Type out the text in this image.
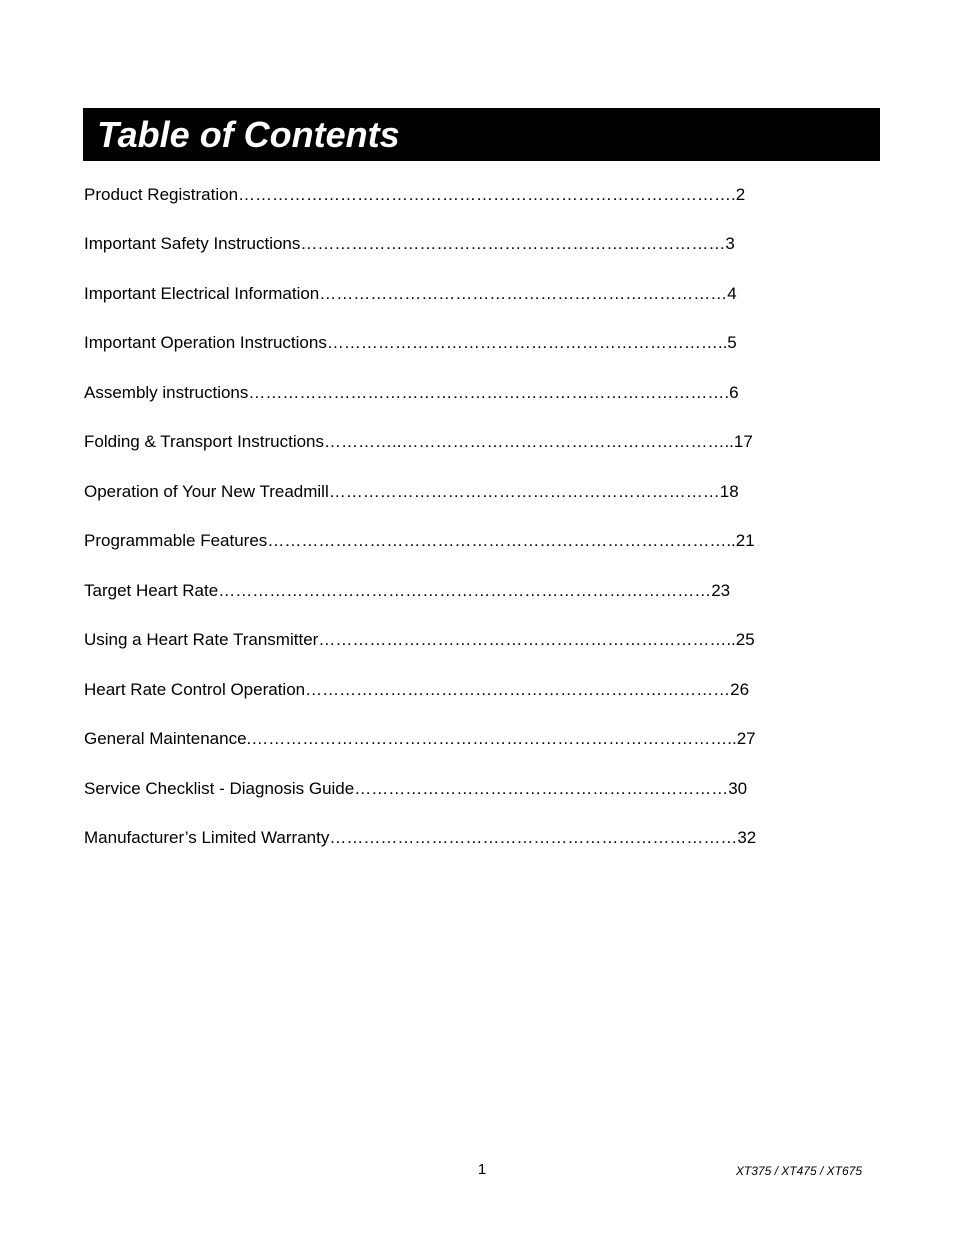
Table of Contents
Product Registration…………………………………………………………………………….2
Important Safety Instructions…………………………………………………………………3
Important Electrical Information………………………………………………………………4
Important Operation Instructions……………………………………………………………..5
Assembly instructions………………………………………………………………………….6
Folding & Transport Instructions…………..…………………………………………………..17
Operation of Your New Treadmill……………………………………………………………18
Programmable Features………………………………………………………………………..21
Target Heart Rate……………………………………………………………………………23
Using a Heart Rate Transmitter………………………………………………………………..25
Heart Rate Control Operation…………………………………………………………………26
General Maintenance.…………………………………………………………………………..27
Service Checklist - Diagnosis Guide…………………………………………………………30
Manufacturer’s Limited Warranty………………………………………………………………32
1	XT375 / XT475 / XT675
